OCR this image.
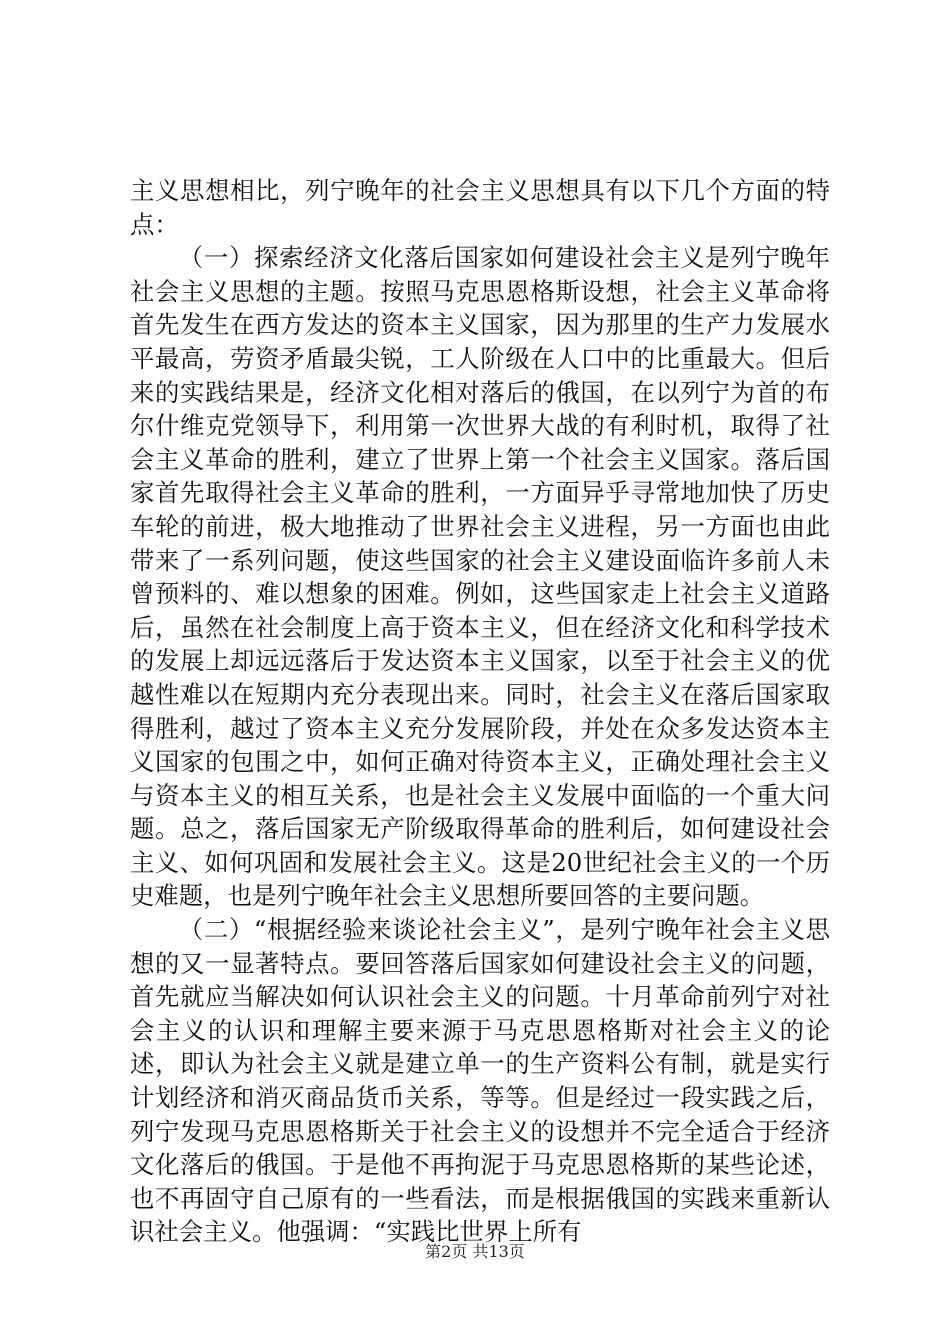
主义思想相比，列宁晚年的社会主义思想具有以下几个方面的特点：

（一）探索经济文化落后国家如何建设社会主义是列宁晚年社会主义思想的主题。按照马克思恩格斯设想，社会主义革命将首先发生在西方发达的资本主义国家，因为那里的生产力发展水平最高，劳资矛盾最尖锐，工人阶级在人口中的比重最大。但后来的实践结果是，经济文化相对落后的俄国，在以列宁为首的布尔什维克党领导下，利用第一次世界大战的有利时机，取得了社会主义革命的胜利，建立了世界上第一个社会主义国家。落后国家首先取得社会主义革命的胜利，一方面异乎寻常地加快了历史车轮的前进，极大地推动了世界社会主义进程，另一方面也由此带来了一系列问题，使这些国家的社会主义建设面临许多前人未曾预料的、难以想象的困难。例如，这些国家走上社会主义道路后，虽然在社会制度上高于资本主义，但在经济文化和科学技术的发展上却远远落后于发达资本主义国家，以至于社会主义的优越性难以在短期内充分表现出来。同时，社会主义在落后国家取得胜利，越过了资本主义充分发展阶段，并处在众多发达资本主义国家的包围之中，如何正确对待资本主义，正确处理社会主义与资本主义的相互关系，也是社会主义发展中面临的一个重大问题。总之，落后国家无产阶级取得革命的胜利后，如何建设社会主义、如何巩固和发展社会主义。这是20世纪社会主义的一个历史难题，也是列宁晚年社会主义思想所要回答的主要问题。

（二）“根据经验来谈论社会主义”，是列宁晚年社会主义思想的又一显著特点。要回答落后国家如何建设社会主义的问题，首先就应当解决如何认识社会主义的问题。十月革命前列宁对社会主义的认识和理解主要来源于马克思恩格斯对社会主义的论述，即认为社会主义就是建立单一的生产资料公有制，就是实行计划经济和消灭商品货币关系，等等。但是经过一段实践之后，列宁发现马克思恩格斯关于社会主义的设想并不完全适合于经济文化落后的俄国。于是他不再拘泥于马克思恩格斯的某些论述，也不再固守自己原有的一些看法，而是根据俄国的实践来重新认识社会主义。他强调：“实践比世界上所有

第2页 共13页
